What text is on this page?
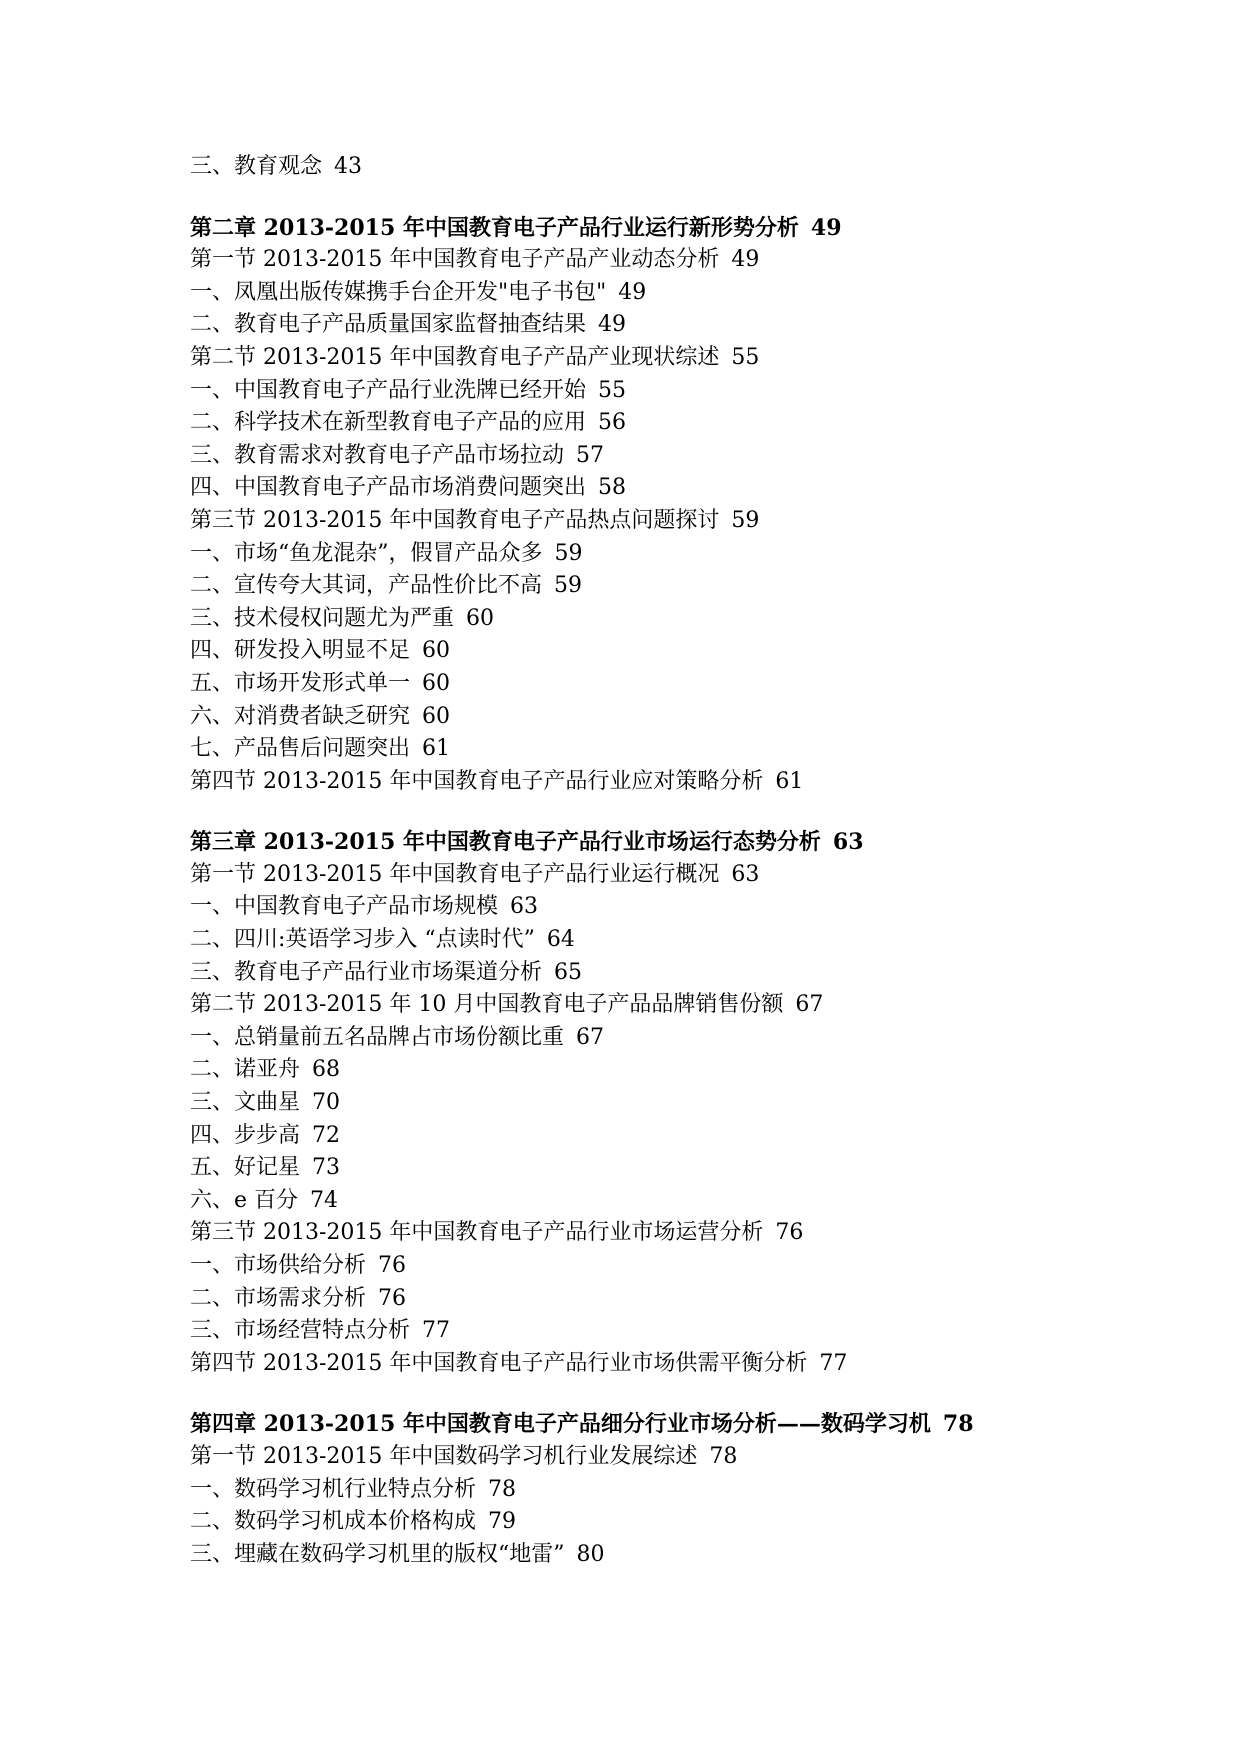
三、教育观念 43
第二章 2013-2015 年中国教育电子产品行业运行新形势分析 49
第一节 2013-2015 年中国教育电子产品产业动态分析 49
一、凤凰出版传媒携手台企开发"电子书包" 49
二、教育电子产品质量国家监督抽查结果 49
第二节 2013-2015 年中国教育电子产品产业现状综述 55
一、中国教育电子产品行业洗牌已经开始 55
二、科学技术在新型教育电子产品的应用 56
三、教育需求对教育电子产品市场拉动 57
四、中国教育电子产品市场消费问题突出 58
第三节 2013-2015 年中国教育电子产品热点问题探讨 59
一、市场“鱼龙混杂”，假冒产品众多 59
二、宣传夸大其词，产品性价比不高 59
三、技术侵权问题尤为严重 60
四、研发投入明显不足 60
五、市场开发形式单一 60
六、对消费者缺乏研究 60
七、产品售后问题突出 61
第四节 2013-2015 年中国教育电子产品行业应对策略分析 61
第三章 2013-2015 年中国教育电子产品行业市场运行态势分析 63
第一节 2013-2015 年中国教育电子产品行业运行概况 63
一、中国教育电子产品市场规模 63
二、四川:英语学习步入 “点读时代” 64
三、教育电子产品行业市场渠道分析 65
第二节 2013-2015 年 10 月中国教育电子产品品牌销售份额 67
一、总销量前五名品牌占市场份额比重 67
二、诺亚舟 68
三、文曲星 70
四、步步高 72
五、好记星 73
六、e 百分 74
第三节 2013-2015 年中国教育电子产品行业市场运营分析 76
一、市场供给分析 76
二、市场需求分析 76
三、市场经营特点分析 77
第四节 2013-2015 年中国教育电子产品行业市场供需平衡分析 77
第四章 2013-2015 年中国教育电子产品细分行业市场分析——数码学习机 78
第一节 2013-2015 年中国数码学习机行业发展综述 78
一、数码学习机行业特点分析 78
二、数码学习机成本价格构成 79
三、埋藏在数码学习机里的版权“地雷” 80
